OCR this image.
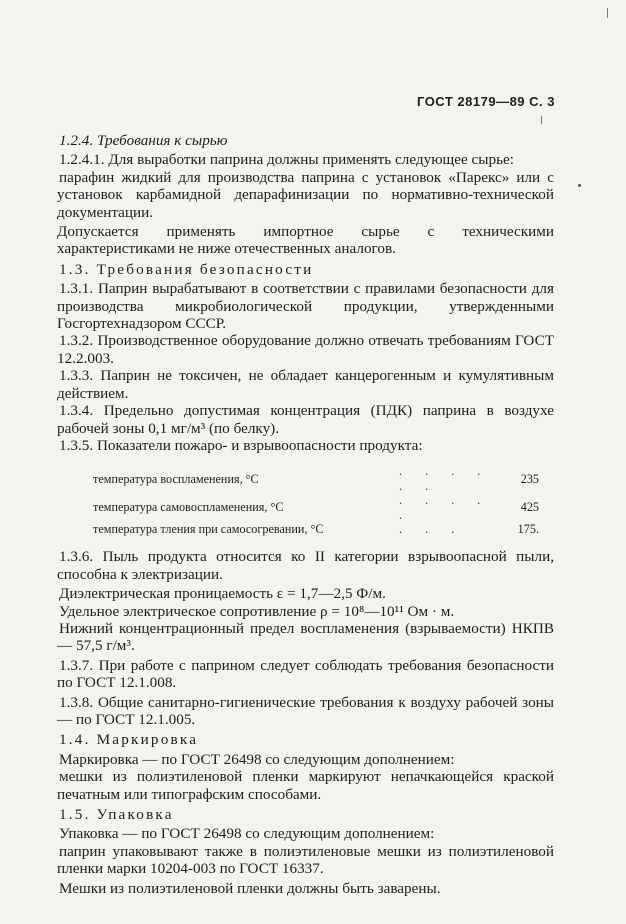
ГОСТ 28179—89 С. 3

1.2.4. Требования к сырью

1.2.4.1. Для выработки паприна должны применять следующее сырье:

парафин жидкий для производства паприна с установок «Парекс» или с установок карбамидной депарафинизации по нормативно-технической документации.

Допускается применять импортное сырье с техническими характеристиками не ниже отечественных аналогов.

1.3. Требования безопасности

1.3.1. Паприн вырабатывают в соответствии с правилами безопасности для производства микробиологической продукции, утвержденными Госгортехнадзором СССР.

1.3.2. Производственное оборудование должно отвечать требованиям ГОСТ 12.2.003.

1.3.3. Паприн не токсичен, не обладает канцерогенным и кумулятивным действием.

1.3.4. Предельно допустимая концентрация (ПДК) паприна в воздухе рабочей зоны 0,1 мг/м³ (по белку).

1.3.5. Показатели пожаро- и взрывоопасности продукта:

температура воспламенения, °С	. . . . . .	235
температура самовоспламенения, °С	. . . . .	425
температура тления при самосогревании, °С	. . .	175.

1.3.6. Пыль продукта относится ко II категории взрывоопасной пыли, способна к электризации.

Диэлектрическая проницаемость ε = 1,7—2,5 Ф/м.

Удельное электрическое сопротивление ρ = 10⁸—10¹¹ Ом · м.

Нижний концентрационный предел воспламенения (взрываемости) НКПВ — 57,5 г/м³.

1.3.7. При работе с паприном следует соблюдать требования безопасности по ГОСТ 12.1.008.

1.3.8. Общие санитарно-гигиенические требования к воздуху рабочей зоны — по ГОСТ 12.1.005.

1.4. Маркировка

Маркировка — по ГОСТ 26498 со следующим дополнением:

мешки из полиэтиленовой пленки маркируют непачкающейся краской печатным или типографским способами.

1.5. Упаковка

Упаковка — по ГОСТ 26498 со следующим дополнением:

паприн упаковывают также в полиэтиленовые мешки из полиэтиленовой пленки марки 10204-003 по ГОСТ 16337.

Мешки из полиэтиленовой пленки должны быть заварены.
